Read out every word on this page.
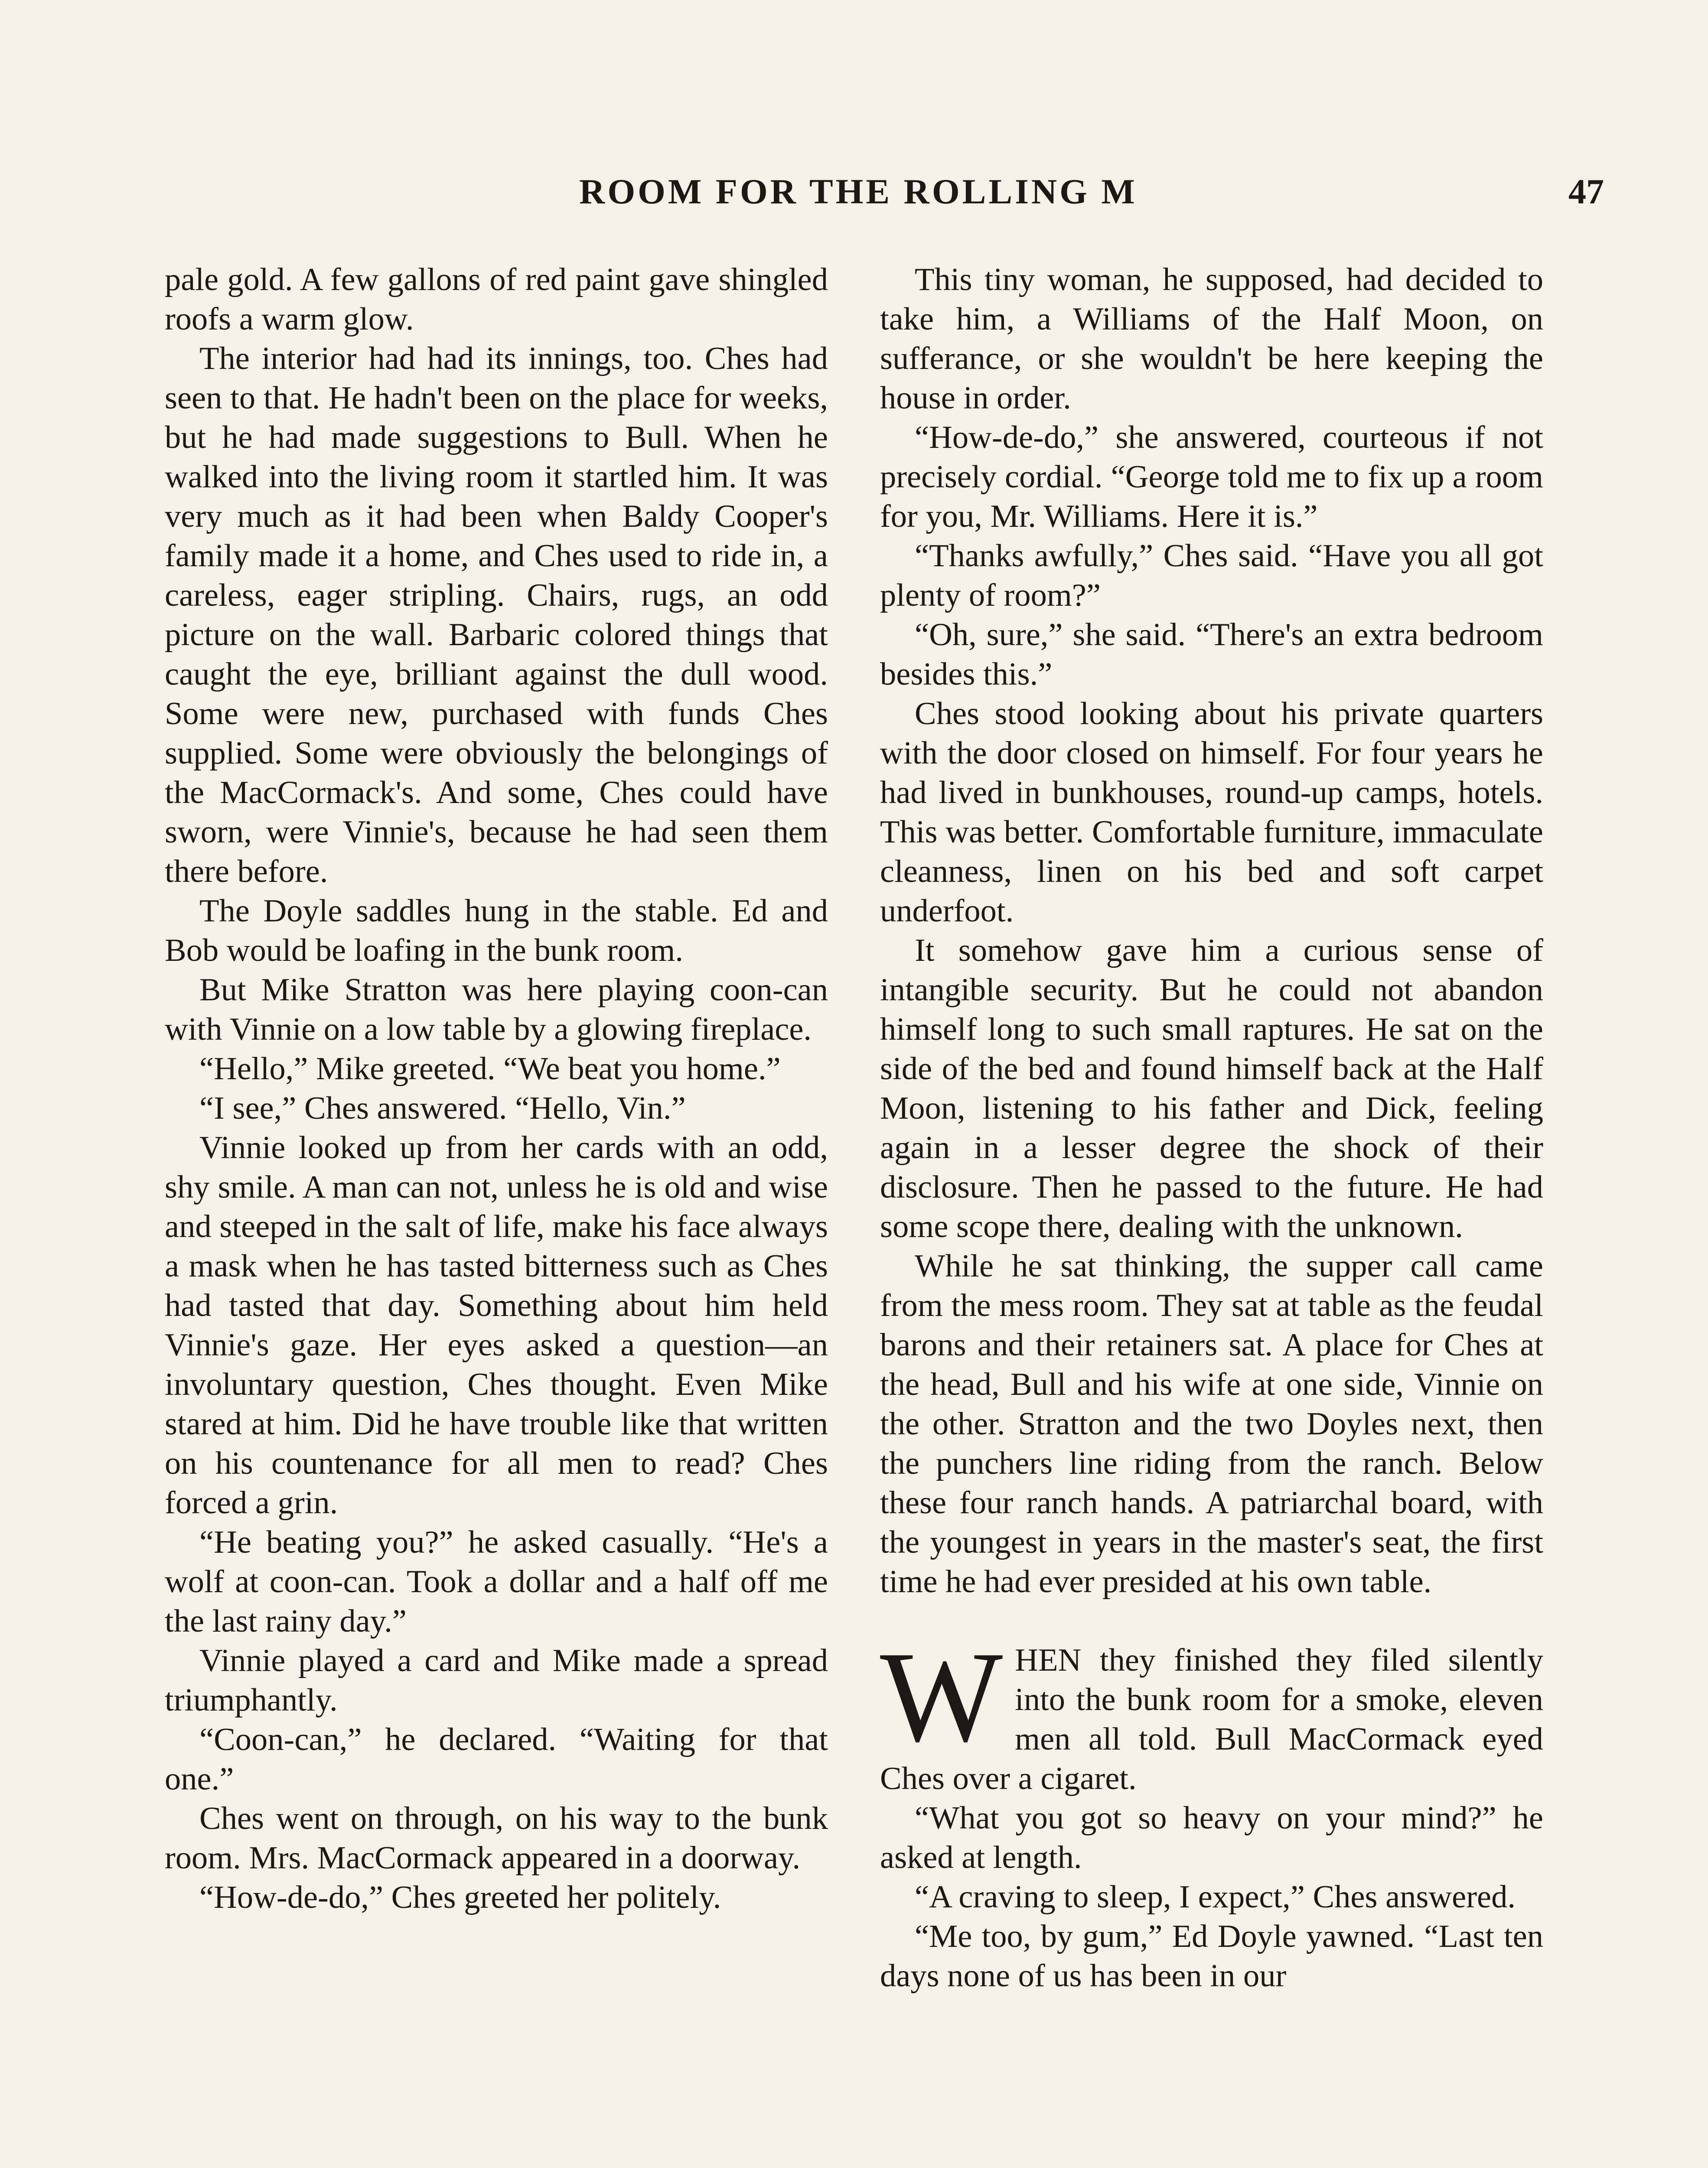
ROOM FOR THE ROLLING M	47

pale gold. A few gallons of red paint gave shingled roofs a warm glow.

The interior had had its innings, too. Ches had seen to that. He hadn't been on the place for weeks, but he had made suggestions to Bull. When he walked into the living room it startled him. It was very much as it had been when Baldy Cooper's family made it a home, and Ches used to ride in, a careless, eager stripling. Chairs, rugs, an odd picture on the wall. Barbaric colored things that caught the eye, brilliant against the dull wood. Some were new, purchased with funds Ches supplied. Some were obviously the belongings of the MacCormack's. And some, Ches could have sworn, were Vinnie's, because he had seen them there before.

The Doyle saddles hung in the stable. Ed and Bob would be loafing in the bunk room.

But Mike Stratton was here playing coon-can with Vinnie on a low table by a glowing fireplace.

“Hello,” Mike greeted. “We beat you home.”

“I see,” Ches answered. “Hello, Vin.”

Vinnie looked up from her cards with an odd, shy smile. A man can not, unless he is old and wise and steeped in the salt of life, make his face always a mask when he has tasted bitterness such as Ches had tasted that day. Something about him held Vinnie's gaze. Her eyes asked a question—an involuntary question, Ches thought. Even Mike stared at him. Did he have trouble like that written on his countenance for all men to read? Ches forced a grin.

“He beating you?” he asked casually. “He's a wolf at coon-can. Took a dollar and a half off me the last rainy day.”

Vinnie played a card and Mike made a spread triumphantly.

“Coon-can,” he declared. “Waiting for that one.”

Ches went on through, on his way to the bunk room. Mrs. MacCormack appeared in a doorway.

“How-de-do,” Ches greeted her politely.

This tiny woman, he supposed, had decided to take him, a Williams of the Half Moon, on sufferance, or she wouldn't be here keeping the house in order.

“How-de-do,” she answered, courteous if not precisely cordial. “George told me to fix up a room for you, Mr. Williams. Here it is.”

“Thanks awfully,” Ches said. “Have you all got plenty of room?”

“Oh, sure,” she said. “There's an extra bedroom besides this.”

Ches stood looking about his private quarters with the door closed on himself. For four years he had lived in bunkhouses, round-up camps, hotels. This was better. Comfortable furniture, immaculate cleanness, linen on his bed and soft carpet underfoot.

It somehow gave him a curious sense of intangible security. But he could not abandon himself long to such small raptures. He sat on the side of the bed and found himself back at the Half Moon, listening to his father and Dick, feeling again in a lesser degree the shock of their disclosure. Then he passed to the future. He had some scope there, dealing with the unknown.

While he sat thinking, the supper call came from the mess room. They sat at table as the feudal barons and their retainers sat. A place for Ches at the head, Bull and his wife at one side, Vinnie on the other. Stratton and the two Doyles next, then the punchers line riding from the ranch. Below these four ranch hands. A patriarchal board, with the youngest in years in the master's seat, the first time he had ever presided at his own table.

W HEN they finished they filed silently into the bunk room for a smoke, eleven men all told. Bull MacCormack eyed Ches over a cigaret.

“What you got so heavy on your mind?” he asked at length.

“A craving to sleep, I expect,” Ches answered.

“Me too, by gum,” Ed Doyle yawned. “Last ten days none of us has been in our
